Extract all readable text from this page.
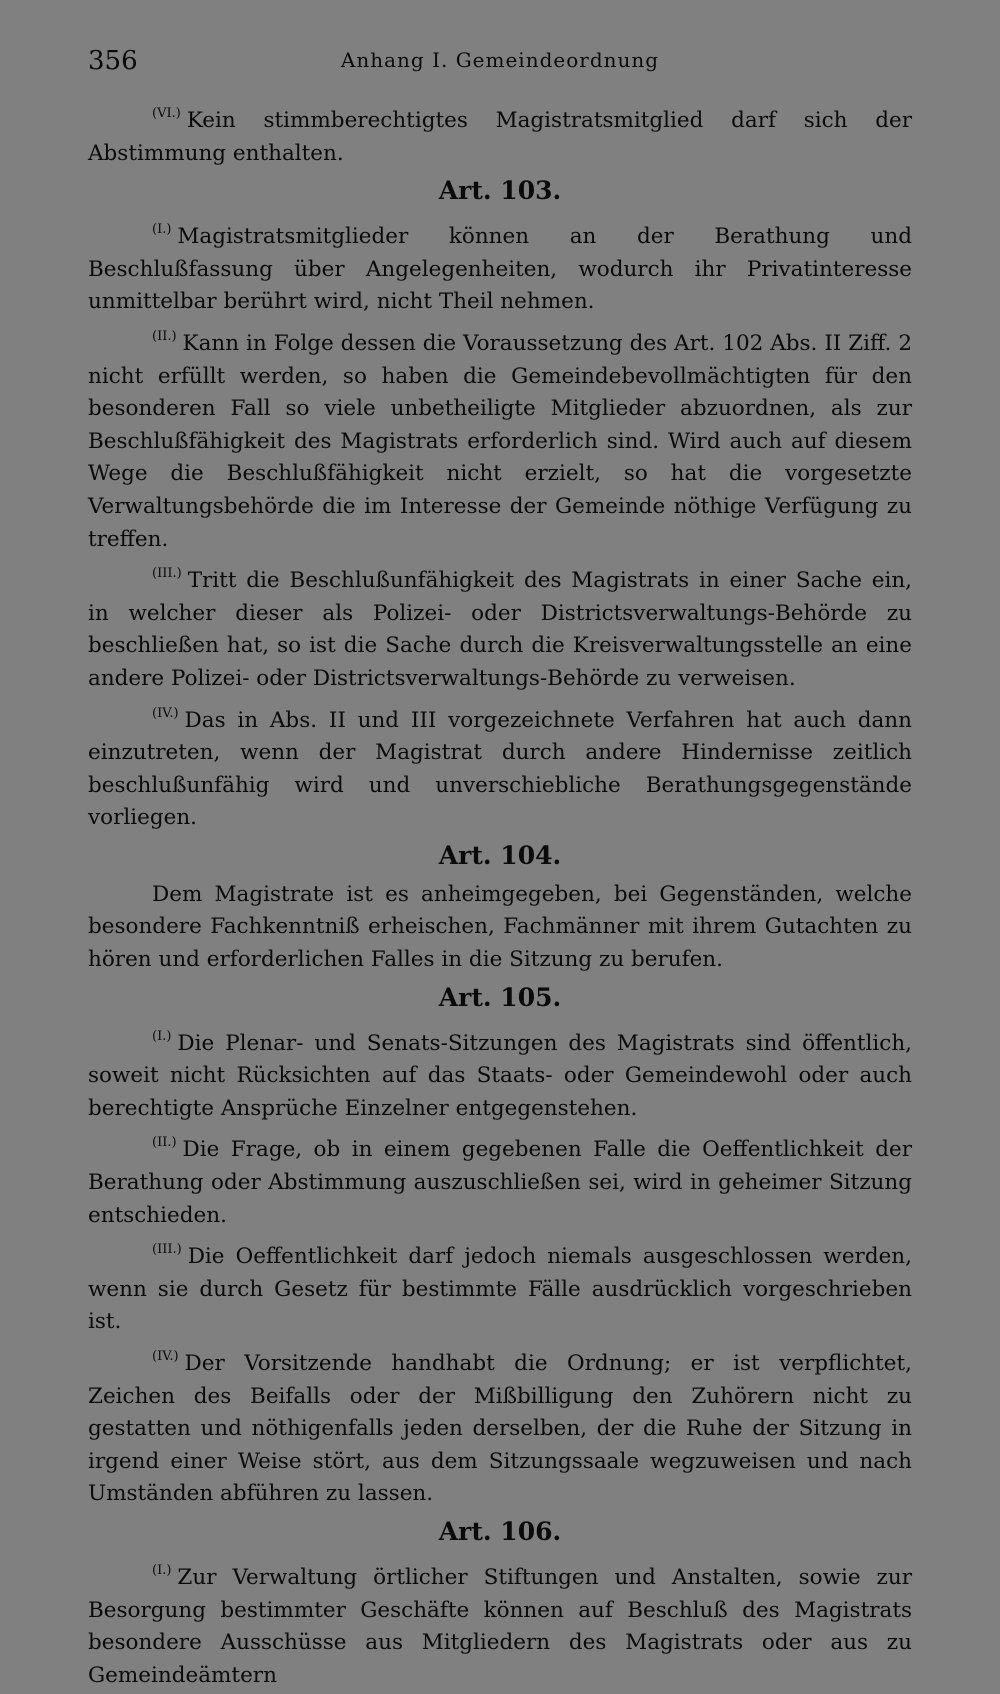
356	Anhang I. Gemeindeordnung

$^{(VI.)}$ Kein stimmberechtigtes Magistratsmitglied darf sich der Abstimmung enthalten.

Art. 103.

$^{(I.)}$ Magistratsmitglieder können an der Berathung und Beschlußfassung über Angelegenheiten, wodurch ihr Privatinteresse unmittelbar berührt wird, nicht Theil nehmen.

$^{(II.)}$ Kann in Folge dessen die Voraussetzung des Art. 102 Abs. II Ziff. 2 nicht erfüllt werden, so haben die Gemeindebevollmächtigten für den besonderen Fall so viele unbetheiligte Mitglieder abzuordnen, als zur Beschlußfähigkeit des Magistrats erforderlich sind. Wird auch auf diesem Wege die Beschlußfähigkeit nicht erzielt, so hat die vorgesetzte Verwaltungsbehörde die im Interesse der Gemeinde nöthige Verfügung zu treffen.

$^{(III.)}$ Tritt die Beschlußunfähigkeit des Magistrats in einer Sache ein, in welcher dieser als Polizei- oder Districtsverwaltungs-Behörde zu beschließen hat, so ist die Sache durch die Kreisverwaltungsstelle an eine andere Polizei- oder Districtsverwaltungs-Behörde zu verweisen.

$^{(IV.)}$ Das in Abs. II und III vorgezeichnete Verfahren hat auch dann einzutreten, wenn der Magistrat durch andere Hindernisse zeitlich beschlußunfähig wird und unverschiebliche Berathungsgegenstände vorliegen.

Art. 104.

Dem Magistrate ist es anheimgegeben, bei Gegenständen, welche besondere Fachkenntniß erheischen, Fachmänner mit ihrem Gutachten zu hören und erforderlichen Falles in die Sitzung zu berufen.

Art. 105.

$^{(I.)}$ Die Plenar- und Senats-Sitzungen des Magistrats sind öffentlich, soweit nicht Rücksichten auf das Staats- oder Gemeindewohl oder auch berechtigte Ansprüche Einzelner entgegenstehen.

$^{(II.)}$ Die Frage, ob in einem gegebenen Falle die Oeffentlichkeit der Berathung oder Abstimmung auszuschließen sei, wird in geheimer Sitzung entschieden.

$^{(III.)}$ Die Oeffentlichkeit darf jedoch niemals ausgeschlossen werden, wenn sie durch Gesetz für bestimmte Fälle ausdrücklich vorgeschrieben ist.

$^{(IV.)}$ Der Vorsitzende handhabt die Ordnung; er ist verpflichtet, Zeichen des Beifalls oder der Mißbilligung den Zuhörern nicht zu gestatten und nöthigenfalls jeden derselben, der die Ruhe der Sitzung in irgend einer Weise stört, aus dem Sitzungssaale wegzuweisen und nach Umständen abführen zu lassen.

Art. 106.

$^{(I.)}$ Zur Verwaltung örtlicher Stiftungen und Anstalten, sowie zur Besorgung bestimmter Geschäfte können auf Beschluß des Magistrats besondere Ausschüsse aus Mitgliedern des Magistrats oder aus zu Gemeindeämtern
